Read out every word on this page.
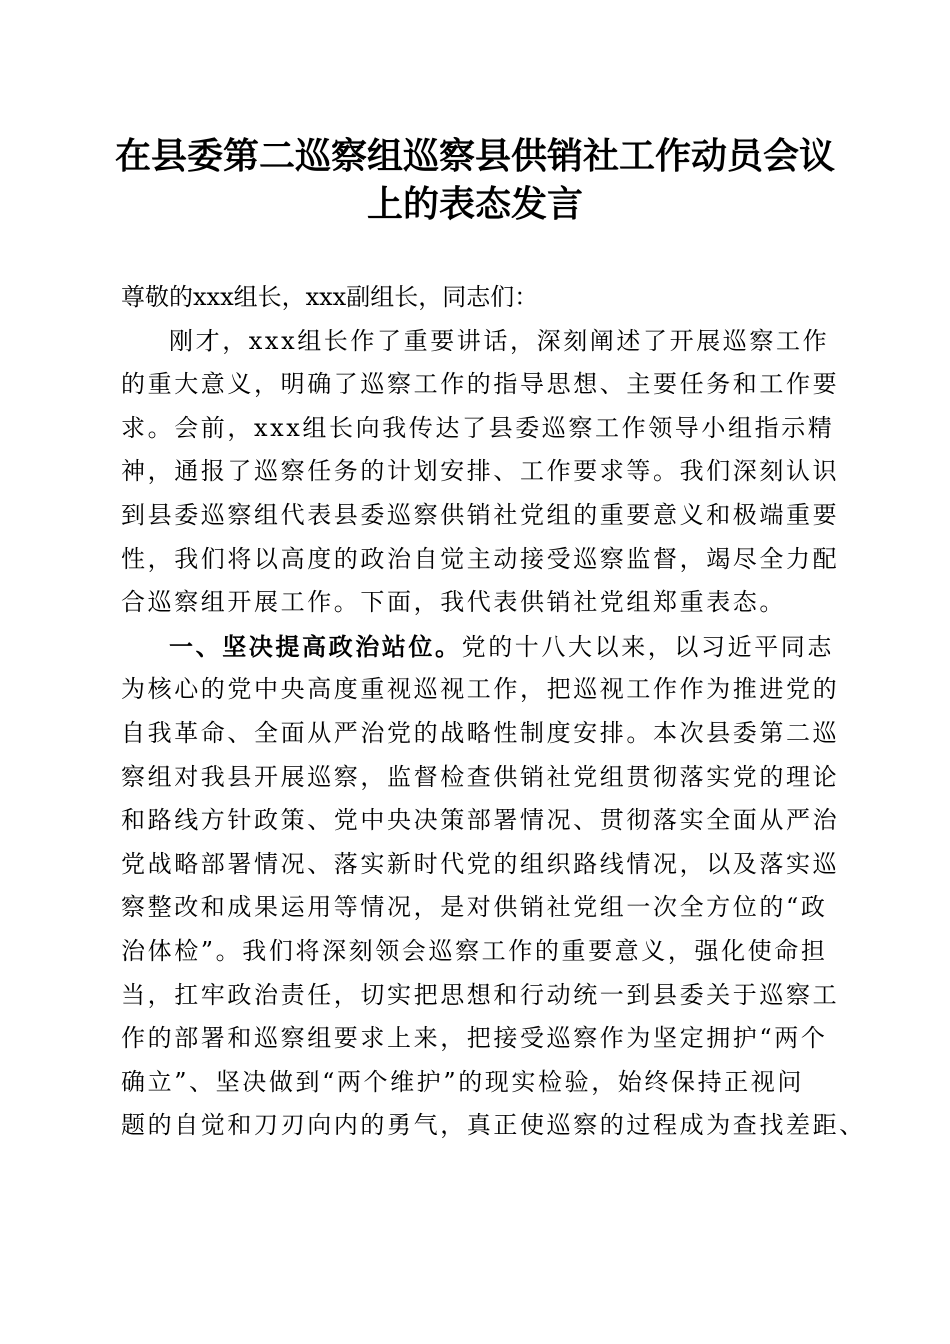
在县委第二巡察组巡察县供销社工作动员会议
上的表态发言
尊敬的xxx组长，xxx副组长，同志们：
刚才，xxx组长作了重要讲话，深刻阐述了开展巡察工作
的重大意义，明确了巡察工作的指导思想、主要任务和工作要
求。会前，xxx组长向我传达了县委巡察工作领导小组指示精
神，通报了巡察任务的计划安排、工作要求等。我们深刻认识
到县委巡察组代表县委巡察供销社党组的重要意义和极端重要
性，我们将以高度的政治自觉主动接受巡察监督，竭尽全力配
合巡察组开展工作。下面，我代表供销社党组郑重表态。
一、坚决提高政治站位。党的十八大以来，以习近平同志
为核心的党中央高度重视巡视工作，把巡视工作作为推进党的
自我革命、全面从严治党的战略性制度安排。本次县委第二巡
察组对我县开展巡察，监督检查供销社党组贯彻落实党的理论
和路线方针政策、党中央决策部署情况、贯彻落实全面从严治
党战略部署情况、落实新时代党的组织路线情况，以及落实巡
察整改和成果运用等情况，是对供销社党组一次全方位的“政
治体检”。我们将深刻领会巡察工作的重要意义，强化使命担
当，扛牢政治责任，切实把思想和行动统一到县委关于巡察工
作的部署和巡察组要求上来，把接受巡察作为坚定拥护“两个
确立”、坚决做到“两个维护”的现实检验，始终保持正视问
题的自觉和刀刃向内的勇气，真正使巡察的过程成为查找差距、
